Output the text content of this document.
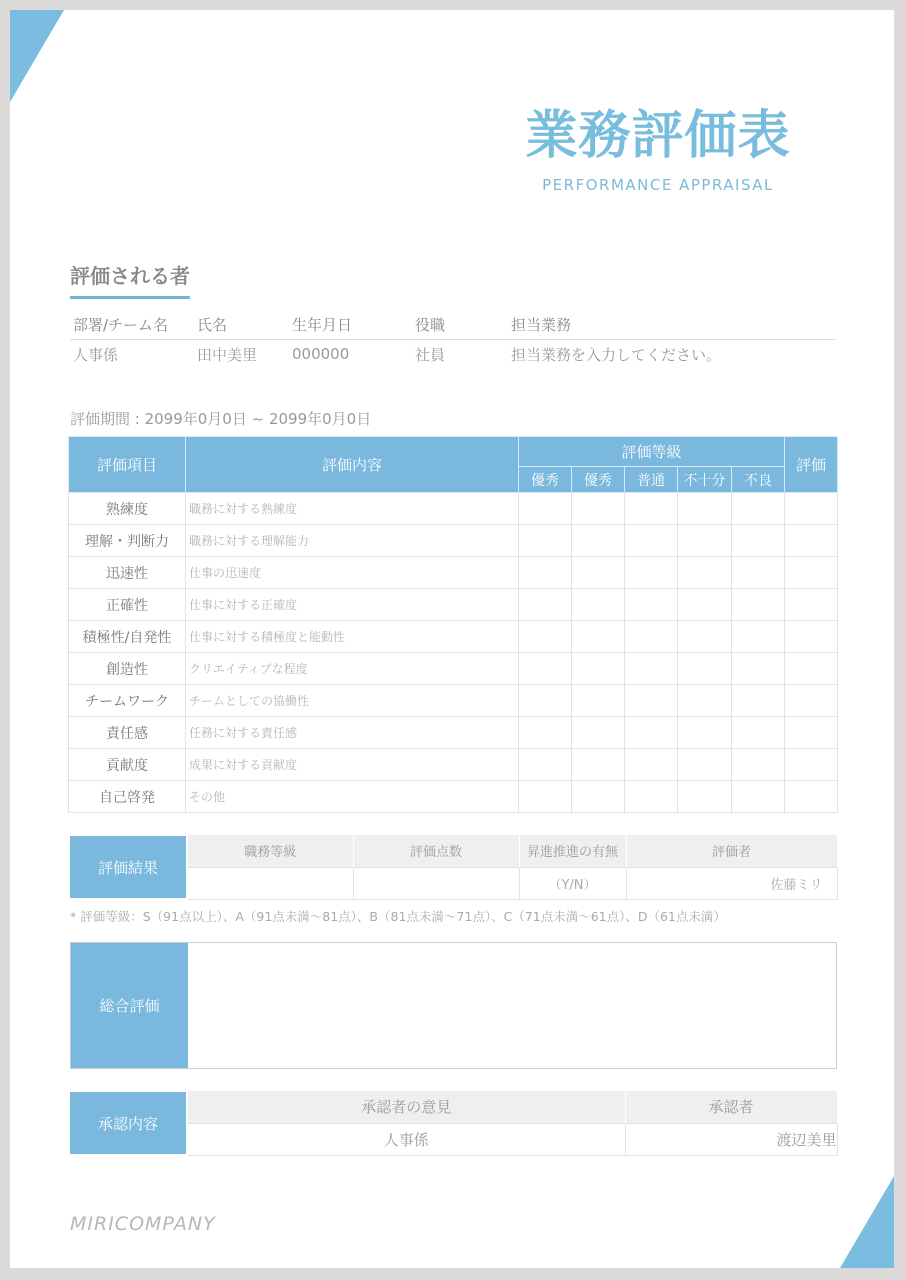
業務評価表
PERFORMANCE APPRAISAL
評価される者
部署/チーム名	氏名	生年月日	役職	担当業務
人事係	田中美里	000000	社員	担当業務を入力してください。
評価期間 : 2099年0月0日 ~ 2099年0月0日
評価項目	評価内容	評価等級					評価
		優秀	優秀	普通	不十分	不良	
熟練度	職務に対する熟練度						
理解・判断力	職務に対する理解能力						
迅速性	仕事の迅速度						
正確性	仕事に対する正確度						
積極性/自発性	仕事に対する積極度と能動性						
創造性	クリエイティブな程度						
チームワーク	チームとしての協働性						
責任感	任務に対する責任感						
貢献度	成果に対する貢献度						
自己啓発	その他						
評価結果	職務等級	評価点数	昇進推進の有無	評価者
			（Y/N）	佐藤ミリ
* 評価等級：S（91点以上）、A（91点未満～81点）、B（81点未満～71点）、C（71点未満～61点）、D（61点未満）
総合評価
承認内容	承認者の意見	承認者
	人事係	渡辺美里
MIRICOMPANY
